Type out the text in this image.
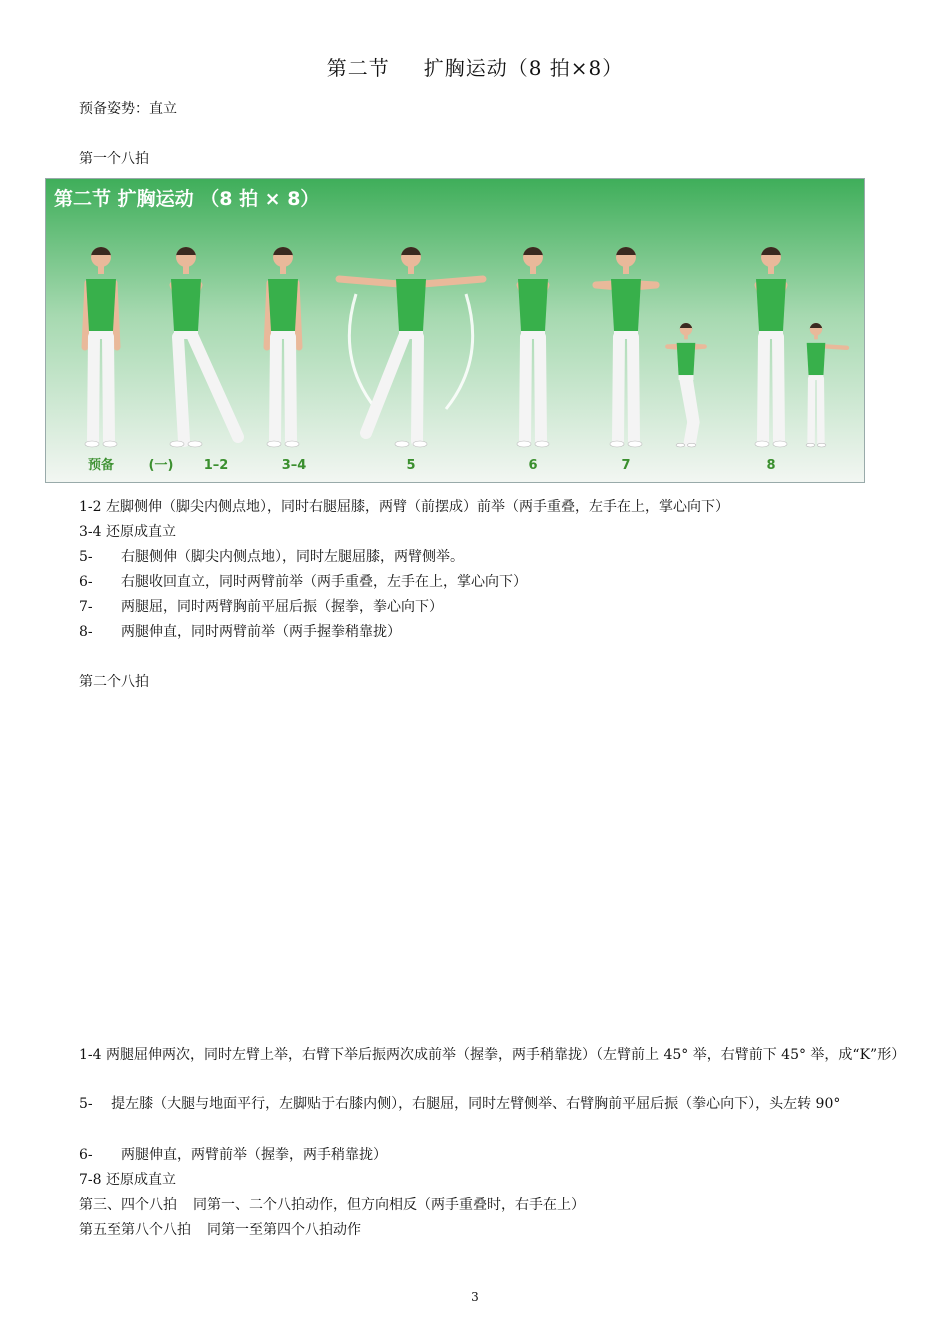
第二节 扩胸运动（8 拍×8）
预备姿势：直立
第一个八拍
第二节 扩胸运动 （8 拍 × 8）
预备	(一) 1–2	3–4	5	6	7	8
1-2 左脚侧伸（脚尖内侧点地），同时右腿屈膝，两臂（前摆成）前举（两手重叠，左手在上，掌心向下）
3-4 还原成直立
5- 右腿侧伸（脚尖内侧点地），同时左腿屈膝，两臂侧举。
6- 右腿收回直立，同时两臂前举（两手重叠，左手在上，掌心向下）
7- 两腿屈，同时两臂胸前平屈后振（握拳，拳心向下）
8- 两腿伸直，同时两臂前举（两手握拳稍靠拢）
第二个八拍
1-4 两腿屈伸两次，同时左臂上举，右臂下举后振两次成前举（握拳，两手稍靠拢）（左臂前上 45° 举，右臂前下 45° 举，成“K”形）
5-　 提左膝（大腿与地面平行，左脚贴于右膝内侧），右腿屈，同时左臂侧举、右臂胸前平屈后振（拳心向下），头左转 90°
6- 两腿伸直，两臂前举（握拳，两手稍靠拢）
7-8 还原成直立
第三、四个八拍 同第一、二个八拍动作，但方向相反（两手重叠时，右手在上）
第五至第八个八拍 同第一至第四个八拍动作
3
